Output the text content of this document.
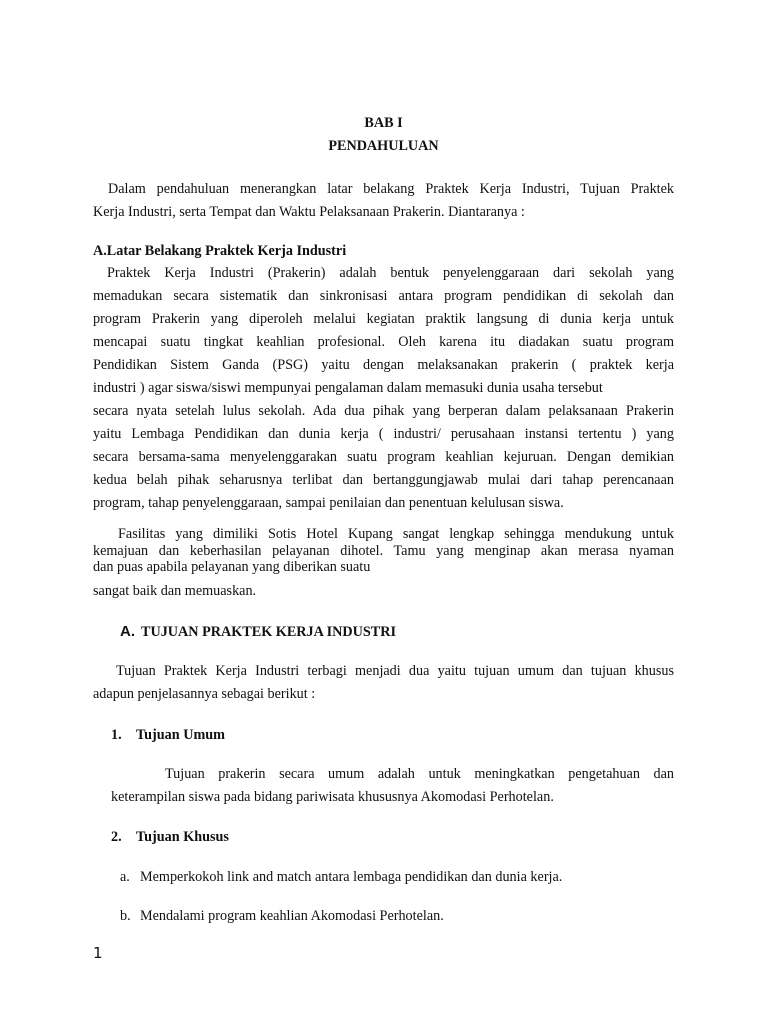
BAB I
PENDAHULUAN
Dalam pendahuluan menerangkan latar belakang Praktek Kerja Industri, Tujuan Praktek
Kerja Industri, serta Tempat dan Waktu Pelaksanaan Prakerin. Diantaranya :
A.Latar Belakang Praktek Kerja Industri
Praktek Kerja Industri (Prakerin) adalah bentuk penyelenggaraan dari sekolah yang
memadukan secara sistematik dan sinkronisasi antara program pendidikan di sekolah dan
program Prakerin yang diperoleh melalui kegiatan praktik langsung di dunia kerja untuk
mencapai suatu tingkat keahlian profesional. Oleh karena itu diadakan suatu program
Pendidikan Sistem Ganda (PSG) yaitu dengan melaksanakan prakerin ( praktek kerja
industri ) agar siswa/siswi mempunyai pengalaman dalam memasuki dunia usaha tersebut
secara nyata setelah lulus sekolah. Ada dua pihak yang berperan dalam pelaksanaan Prakerin
yaitu Lembaga Pendidikan dan dunia kerja ( industri/ perusahaan instansi tertentu ) yang
secara bersama-sama menyelenggarakan suatu program keahlian kejuruan. Dengan demikian
kedua belah pihak seharusnya terlibat dan bertanggungjawab mulai dari tahap perencanaan
program, tahap penyelenggaraan, sampai penilaian dan penentuan kelulusan siswa.
Fasilitas yang dimiliki Sotis Hotel Kupang sangat lengkap sehingga mendukung untuk
kemajuan dan keberhasilan pelayanan dihotel. Tamu yang menginap akan merasa nyaman
dan puas apabila pelayanan yang diberikan suatu
sangat baik dan memuaskan.
A. TUJUAN PRAKTEK KERJA INDUSTRI
Tujuan Praktek Kerja Industri terbagi menjadi dua yaitu tujuan umum dan tujuan khusus
adapun penjelasannya sebagai berikut :
1. Tujuan Umum
Tujuan prakerin secara umum adalah untuk meningkatkan pengetahuan dan
keterampilan siswa pada bidang pariwisata khususnya Akomodasi Perhotelan.
2. Tujuan Khusus
a. Memperkokoh link and match antara lembaga pendidikan dan dunia kerja.
b. Mendalami program keahlian Akomodasi Perhotelan.
1
